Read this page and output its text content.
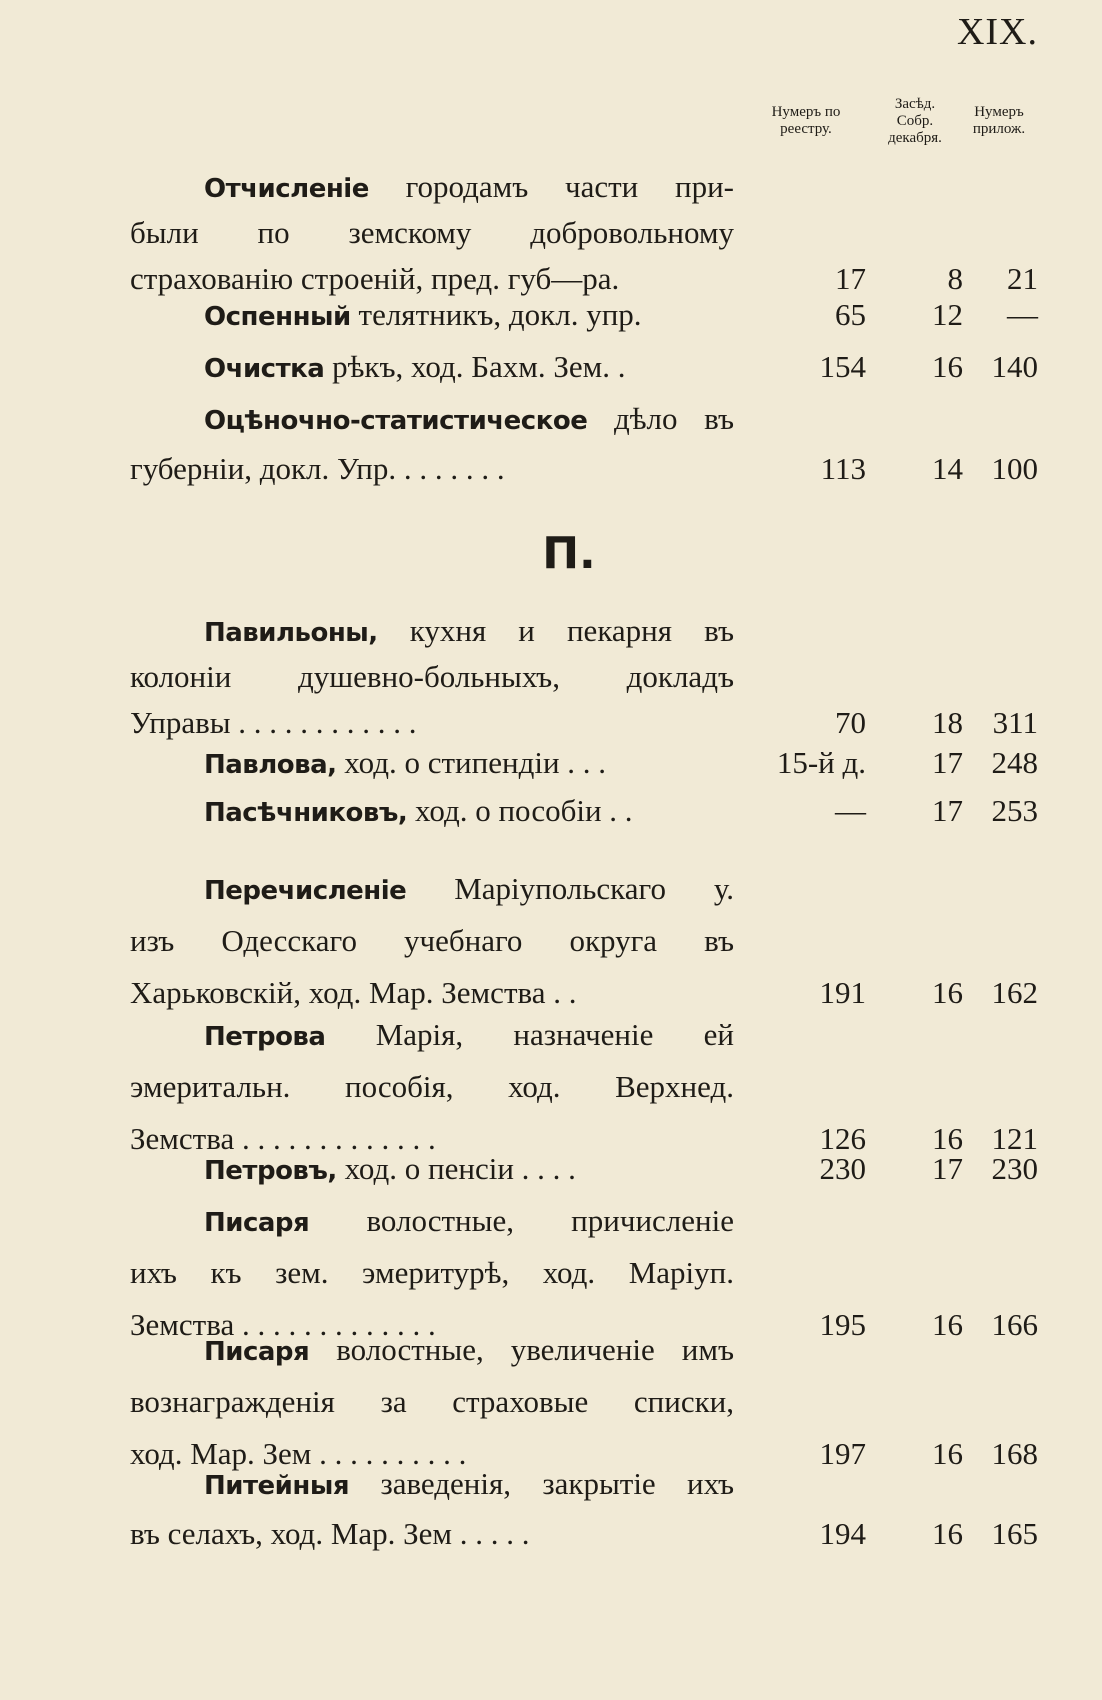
XIX.
Нумеръ по реестру.
Засѣд. Собр. декабря.
Нумеръ прилож.
Отчисленіе городамъ части при-
были по земскому добровольному
страхованію строеній, пред. губ—ра.	17	8 21
Оспенный телятникъ, докл. упр.	65 12 —
Очистка рѣкъ, ход. Бахм. Зем. .	154 16 140
Оцѣночно-статистическое дѣло въ
губерніи, докл. Упр. . . . . . . .	113 14 100
П.
Павильоны, кухня и пекарня въ
колоніи душевно-больныхъ, докладъ
Управы . . . . . . . . . . . .	70 18 311
Павлова, ход. о стипендіи . . .	15-й д. 17 248
Пасѣчниковъ, ход. о пособіи . .	— 17 253
Перечисленіе Маріупольскаго у.
изъ Одесскаго учебнаго округа въ
Харьковскій, ход. Мар. Земства . .	191 16 162
Петрова Марія, назначеніе ей
эмеритальн. пособія, ход. Верхнед.
Земства . . . . . . . . . . . . .	126 16 121
Петровъ, ход. о пенсіи . . . .	230 17 230
Писаря волостные, причисленіе
ихъ къ зем. эмеритурѣ, ход. Маріуп.
Земства . . . . . . . . . . . . .	195 16 166
Писаря волостные, увеличеніе имъ
вознагражденія за страховые списки,
ход. Мар. Зем . . . . . . . . . .	197 16 168
Питейныя заведенія, закрытіе ихъ
въ селахъ, ход. Мар. Зем . . . . .	194 16 165
